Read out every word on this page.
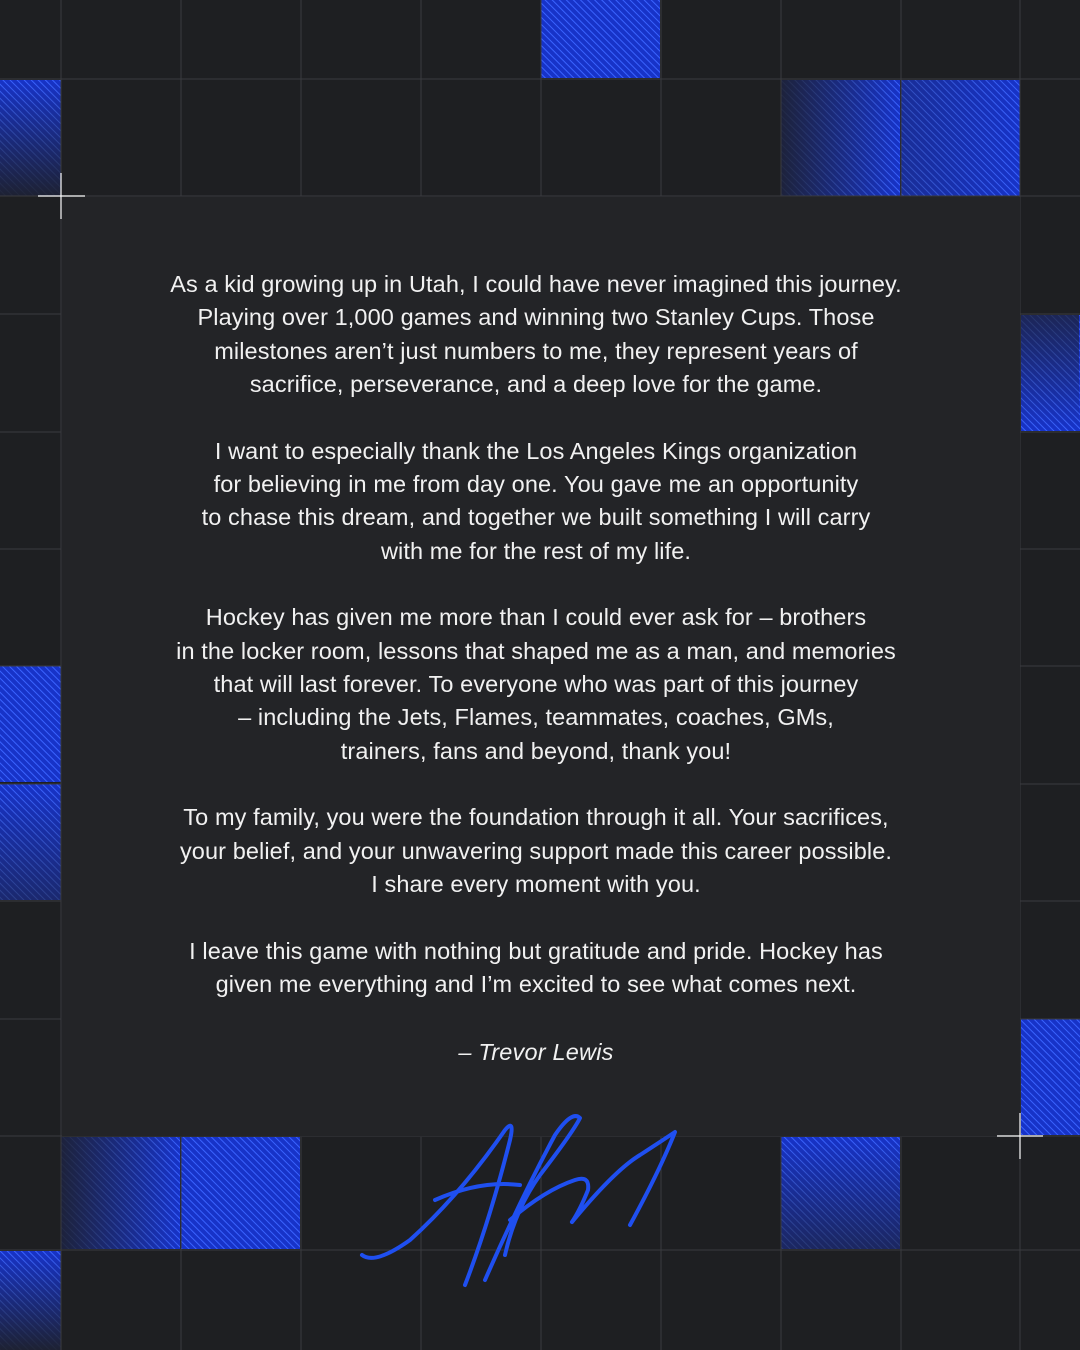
As a kid growing up in Utah, I could have never imagined this journey.
Playing over 1,000 games and winning two Stanley Cups. Those
milestones aren’t just numbers to me, they represent years of
sacrifice, perseverance, and a deep love for the game.

I want to especially thank the Los Angeles Kings organization
for believing in me from day one. You gave me an opportunity
to chase this dream, and together we built something I will carry
with me for the rest of my life.

Hockey has given me more than I could ever ask for – brothers
in the locker room, lessons that shaped me as a man, and memories
that will last forever. To everyone who was part of this journey
– including the Jets, Flames, teammates, coaches, GMs,
trainers, fans and beyond, thank you!

To my family, you were the foundation through it all. Your sacrifices,
your belief, and your unwavering support made this career possible.
I share every moment with you.

I leave this game with nothing but gratitude and pride. Hockey has
given me everything and I’m excited to see what comes next.

– Trevor Lewis
